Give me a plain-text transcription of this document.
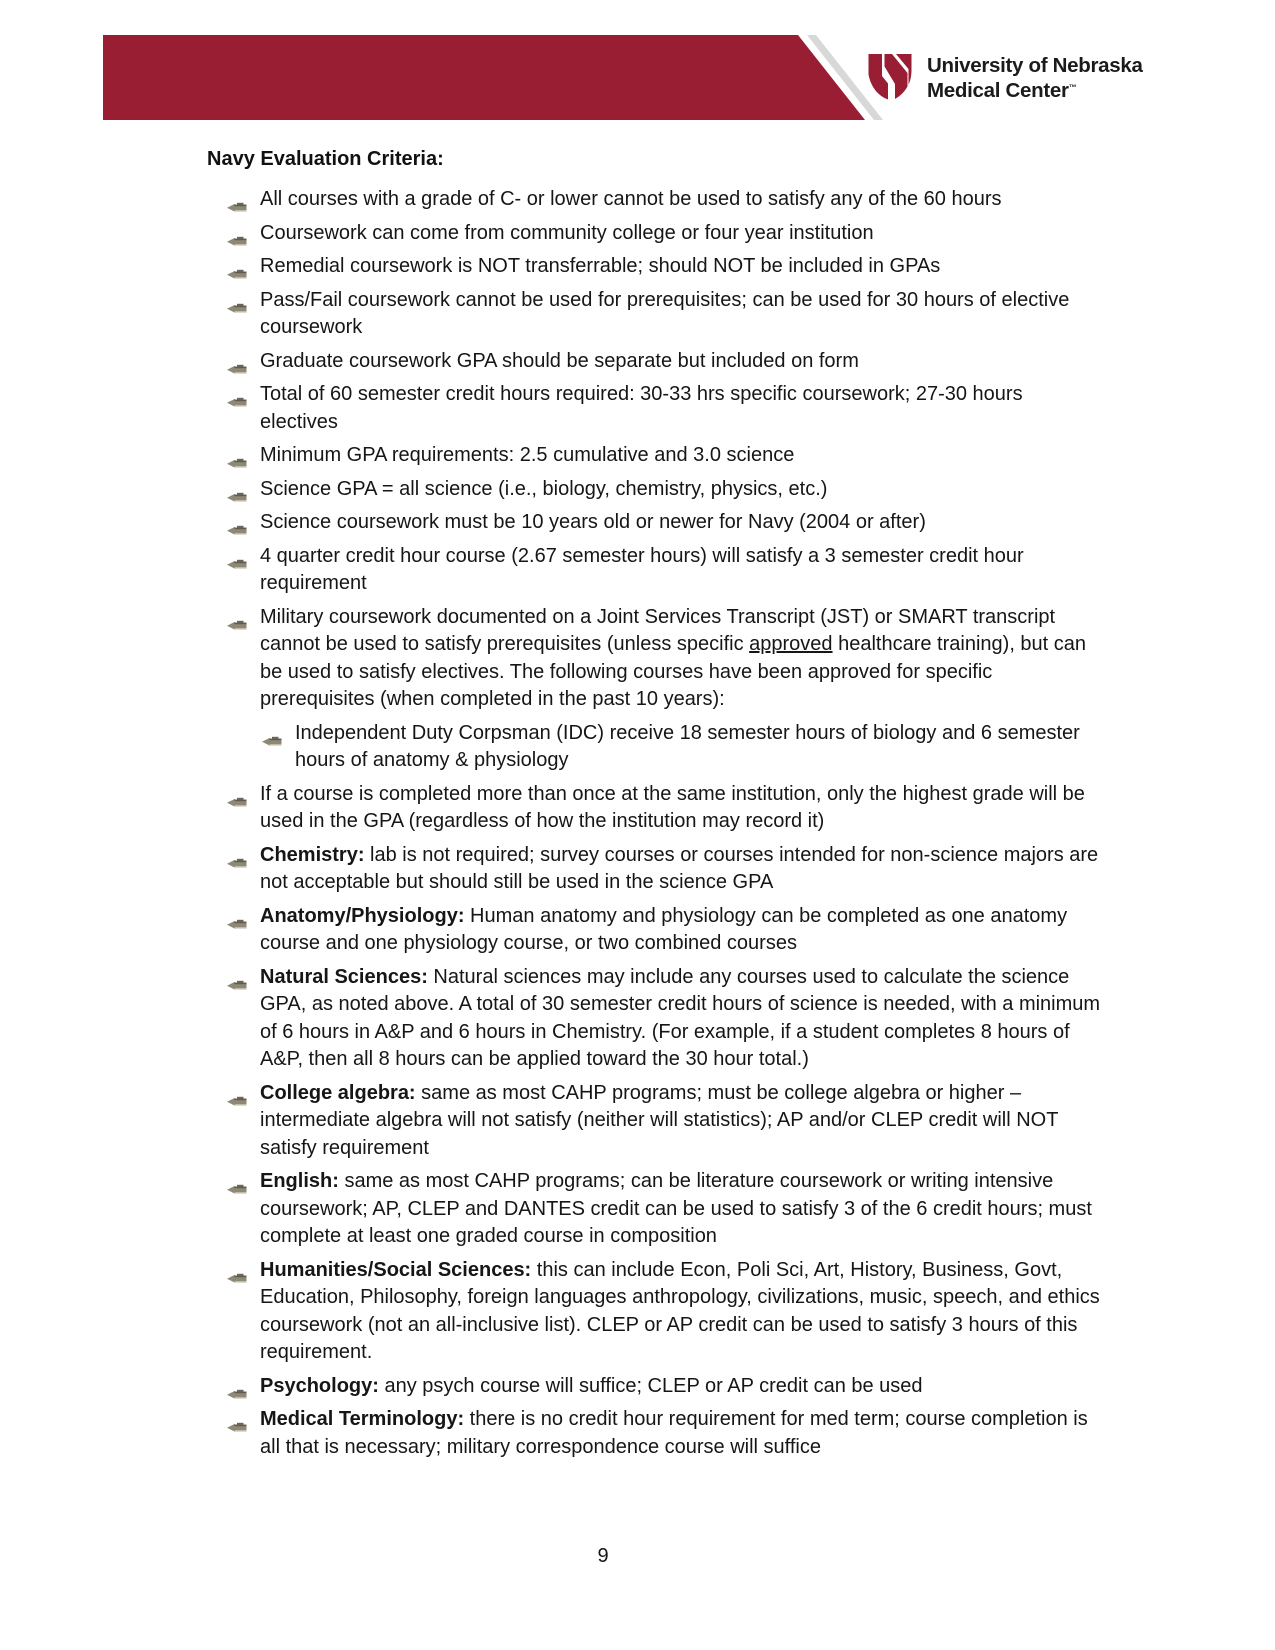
University of Nebraska
Medical Center™
Navy Evaluation Criteria:
All courses with a grade of C- or lower cannot be used to satisfy any of the 60 hours
Coursework can come from community college or four year institution
Remedial coursework is NOT transferrable; should NOT be included in GPAs
Pass/Fail coursework cannot be used for prerequisites; can be used for 30 hours of elective coursework
Graduate coursework GPA should be separate but included on form
Total of 60 semester credit hours required: 30-33 hrs specific coursework; 27-30 hours electives
Minimum GPA requirements: 2.5 cumulative and 3.0 science
Science GPA = all science (i.e., biology, chemistry, physics, etc.)
Science coursework must be 10 years old or newer for Navy (2004 or after)
4 quarter credit hour course (2.67 semester hours) will satisfy a 3 semester credit hour requirement
Military coursework documented on a Joint Services Transcript (JST) or SMART transcript cannot be used to satisfy prerequisites (unless specific approved healthcare training), but can be used to satisfy electives. The following courses have been approved for specific prerequisites (when completed in the past 10 years):
Independent Duty Corpsman (IDC) receive 18 semester hours of biology and 6 semester hours of anatomy & physiology
If a course is completed more than once at the same institution, only the highest grade will be used in the GPA (regardless of how the institution may record it)
Chemistry: lab is not required; survey courses or courses intended for non-science majors are not acceptable but should still be used in the science GPA
Anatomy/Physiology: Human anatomy and physiology can be completed as one anatomy course and one physiology course, or two combined courses
Natural Sciences: Natural sciences may include any courses used to calculate the science GPA, as noted above. A total of 30 semester credit hours of science is needed, with a minimum of 6 hours in A&P and 6 hours in Chemistry. (For example, if a student completes 8 hours of A&P, then all 8 hours can be applied toward the 30 hour total.)
College algebra: same as most CAHP programs; must be college algebra or higher – intermediate algebra will not satisfy (neither will statistics); AP and/or CLEP credit will NOT satisfy requirement
English: same as most CAHP programs; can be literature coursework or writing intensive coursework; AP, CLEP and DANTES credit can be used to satisfy 3 of the 6 credit hours; must complete at least one graded course in composition
Humanities/Social Sciences: this can include Econ, Poli Sci, Art, History, Business, Govt, Education, Philosophy, foreign languages anthropology, civilizations, music, speech, and ethics coursework (not an all-inclusive list). CLEP or AP credit can be used to satisfy 3 hours of this requirement.
Psychology: any psych course will suffice; CLEP or AP credit can be used
Medical Terminology: there is no credit hour requirement for med term; course completion is all that is necessary; military correspondence course will suffice
9
